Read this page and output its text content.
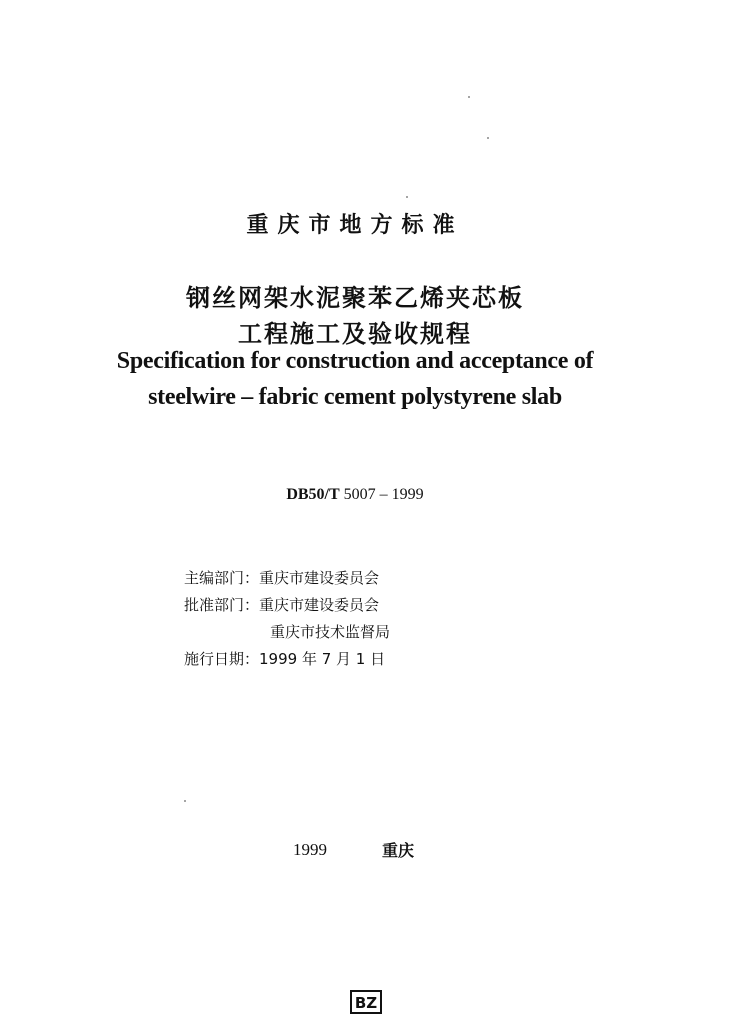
重庆市地方标准
钢丝网架水泥聚苯乙烯夹芯板
工程施工及验收规程
Specification for construction and acceptance of
steelwire – fabric cement polystyrene slab
DB50/T 5007 – 1999
主编部门：重庆市建设委员会
批准部门：重庆市建设委员会
重庆市技术监督局
施行日期：1999 年 7 月 1 日
1999	重庆
BZ
